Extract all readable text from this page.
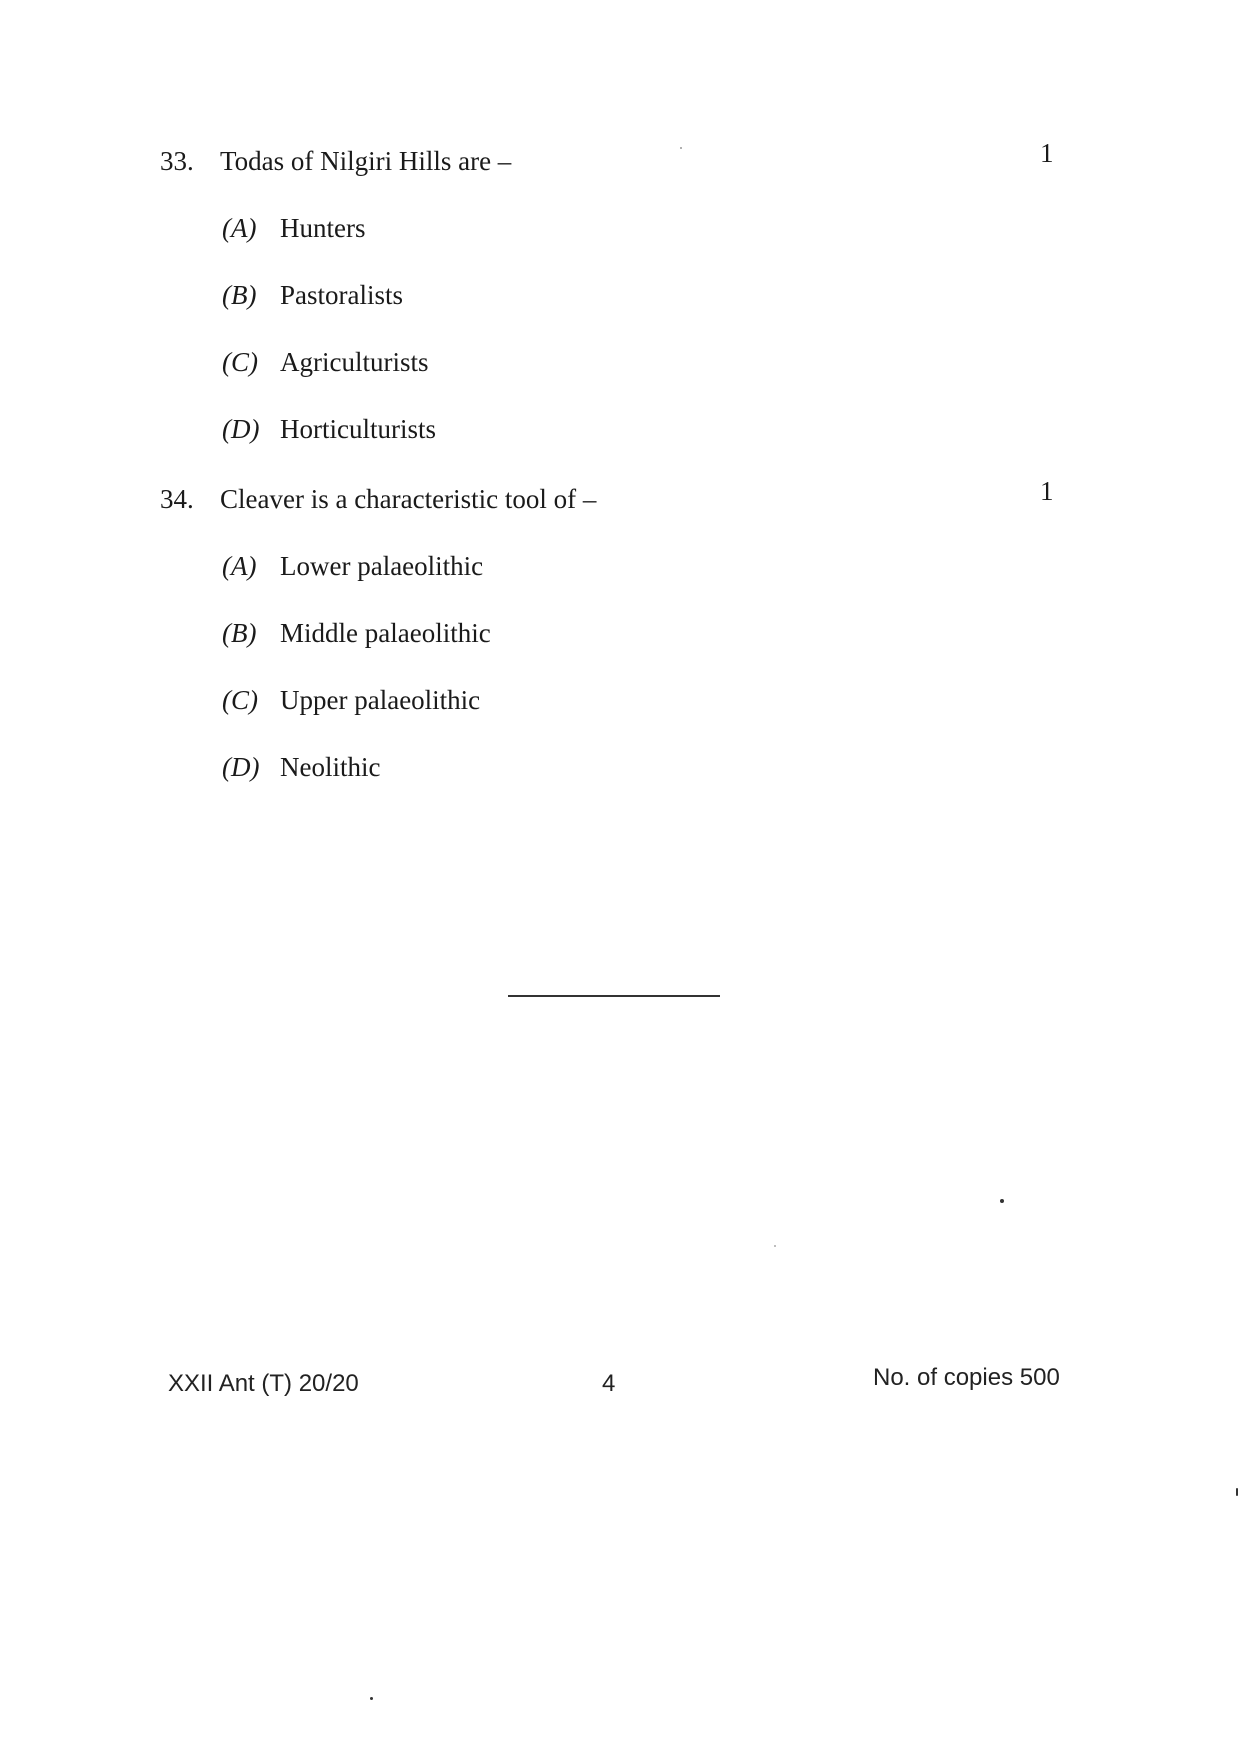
33. Todas of Nilgiri Hills are –	1
(A) Hunters
(B) Pastoralists
(C) Agriculturists
(D) Horticulturists
34. Cleaver is a characteristic tool of –	1
(A) Lower palaeolithic
(B) Middle palaeolithic
(C) Upper palaeolithic
(D) Neolithic
XXII Ant (T) 20/20	4	No. of copies 500
